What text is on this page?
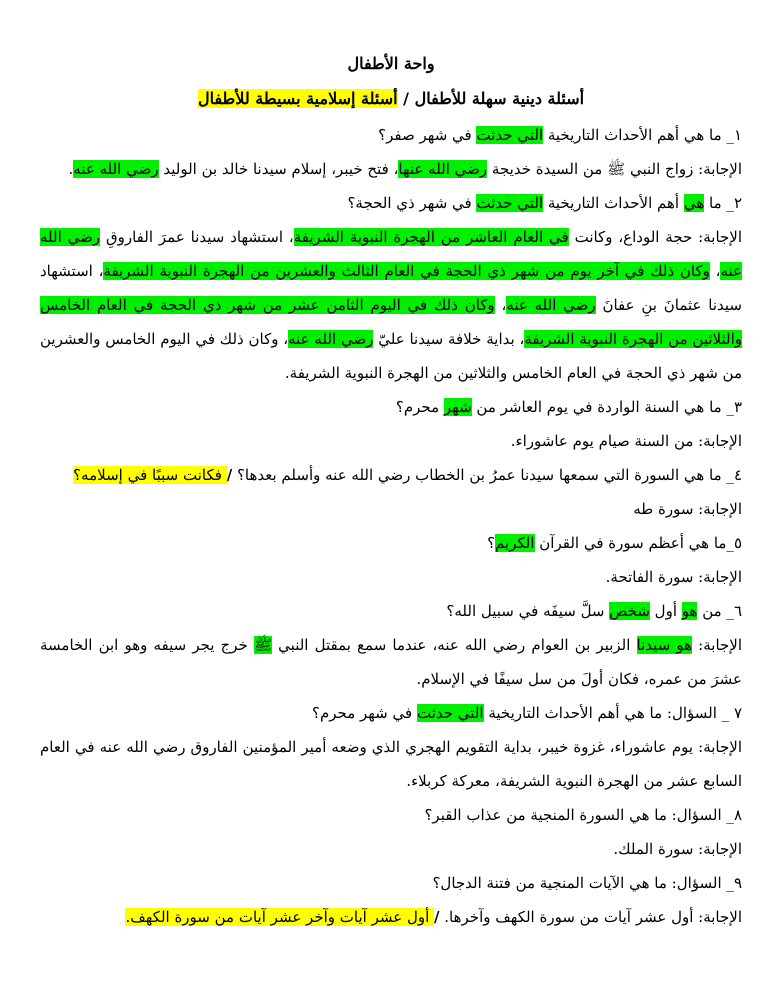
واحة الأطفال
أسئلة دينية سهلة للأطفال / أسئلة إسلامية بسيطة للأطفال
١_ ما هي أهم الأحداث التاريخية التي حدثت في شهر صفر؟
الإجابة: زواج النبي ﷺ من السيدة خديجة رضي الله عنها، فتح خيبر، إسلام سيدنا خالد بن الوليد رضي الله عنه.
٢_ ما هي أهم الأحداث التاريخية التي حدثت في شهر ذي الحجة؟
الإجابة: حجة الوداع، وكانت في العام العاشر من الهجرة النبوية الشريفة، استشهاد سيدنا عمرَ الفاروقِ رضي الله عنه، وكان ذلك في آخر يوم من شهر ذي الحجة في العام الثالث والعشرين من الهجرة النبوية الشريفة، استشهاد سيدنا عثمانَ بنِ عفانَ رضي الله عنه، وكان ذلك في اليوم الثامن عشر من شهر ذي الحجة في العام الخامس والثلاثين من الهجرة النبوية الشريفة، بداية خلافة سيدنا عليّ رضي الله عنه، وكان ذلك في اليوم الخامس والعشرين من شهر ذي الحجة في العام الخامس والثلاثين من الهجرة النبوية الشريفة.
٣_ ما هي السنة الواردة في يوم العاشر من شهر محرم؟
الإجابة: من السنة صيام يوم عاشوراء.
٤_ ما هي السورة التي سمعها سيدنا عمرُ بن الخطاب رضي الله عنه وأسلم بعدها؟ / فكانت سببًا في إسلامه؟
الإجابة: سورة طه
٥_ما هي أعظم سورة في القرآن الكريم؟
الإجابة: سورة الفاتحة.
٦_ من هو أول شخص سلَّ سيفَه في سبيل الله؟
الإجابة: هو سيدنا الزبير بن العوام رضي الله عنه، عندما سمع بمقتل النبي ﷺ خرج يجر سيفه وهو ابن الخامسة عشرَ من عمره، فكان أولَ من سل سيفًا في الإسلام.
٧ _ السؤال: ما هي أهم الأحداث التاريخية التي حدثت في شهر محرم؟
الإجابة: يوم عاشوراء، غزوة خيبر، بداية التقويم الهجري الذي وضعه أمير المؤمنين الفاروق رضي الله عنه في العام السابع عشر من الهجرة النبوية الشريفة، معركة كربلاء.
٨_ السؤال: ما هي السورة المنجية من عذاب القبر؟
الإجابة: سورة الملك.
٩_ السؤال: ما هي الآيات المنجية من فتنة الدجال؟
الإجابة: أول عشر آيات من سورة الكهف وآخرها. / أول عشر آيات وآخر عشر آيات من سورة الكهف.
